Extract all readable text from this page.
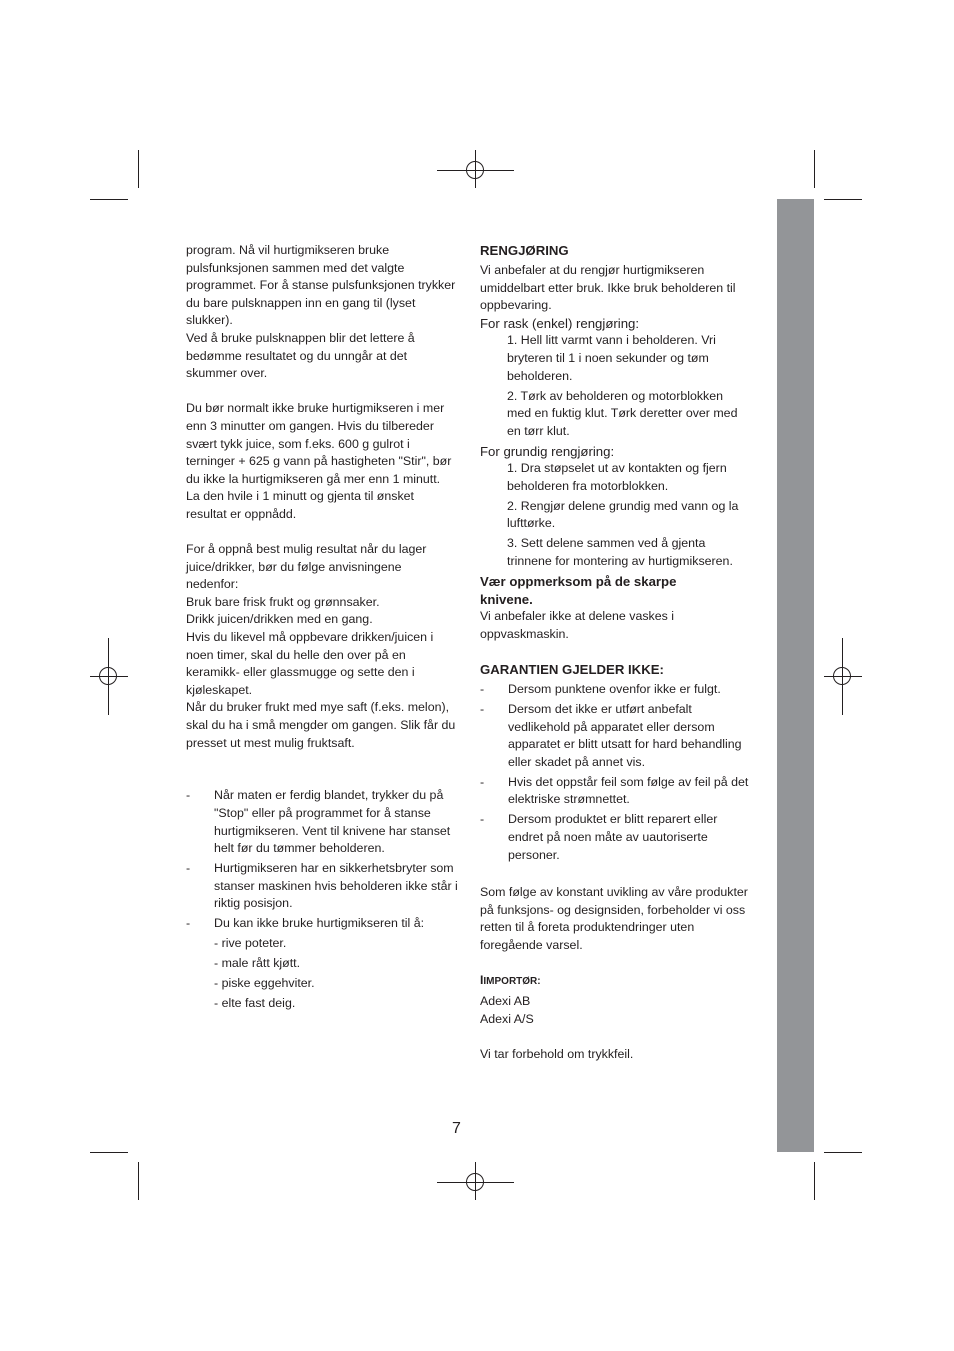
program. Nå vil hurtigmikseren bruke

pulsfunksjonen sammen med det valgte

programmet. For å stanse pulsfunksjonen trykker

du bare pulsknappen inn en gang til (lyset

slukker).

Ved å bruke pulsknappen blir det lettere å

bedømme resultatet og du unngår at det

skummer over.

Du bør normalt ikke bruke hurtigmikseren i mer

enn 3 minutter om gangen. Hvis du tilbereder

svært tykk juice, som f.eks. 600 g gulrot i

terninger + 625 g vann på hastigheten "Stir", bør

du ikke la hurtigmikseren gå mer enn 1 minutt.

La den hvile i 1 minutt og gjenta til ønsket

resultat er oppnådd.

For å oppnå best mulig resultat når du lager

juice/drikker, bør du følge anvisningene

nedenfor:

Bruk bare frisk frukt og grønnsaker.

Drikk juicen/drikken med en gang.

Hvis du likevel må oppbevare drikken/juicen i

noen timer, skal du helle den over på en

keramikk- eller glassmugge og sette den i

kjøleskapet.

Når du bruker frukt med mye saft (f.eks. melon),

skal du ha i små mengder om gangen. Slik får du

presset ut mest mulig fruktsaft.

- Når maten er ferdig blandet, trykker du på

"Stop" eller på programmet for å stanse

hurtigmikseren. Vent til knivene har stanset

helt før du tømmer beholderen.

- Hurtigmikseren har en sikkerhetsbryter som

stanser maskinen hvis beholderen ikke står i

riktig posisjon.

- Du kan ikke bruke hurtigmikseren til å:

- rive poteter.

- male rått kjøtt.

- piske eggehviter.

- elte fast deig.

RENGJØRING

Vi anbefaler at du rengjør hurtigmikseren

umiddelbart etter bruk. Ikke bruk beholderen til

oppbevaring.

For rask (enkel) rengjøring:

1. Hell litt varmt vann i beholderen. Vri

bryteren til 1 i noen sekunder og tøm

beholderen.

2. Tørk av beholderen og motorblokken

med en fuktig klut. Tørk deretter over med

en tørr klut.

For grundig rengjøring:

1. Dra støpselet ut av kontakten og fjern

beholderen fra motorblokken.

2. Rengjør delene grundig med vann og la

lufttørke.

3. Sett delene sammen ved å gjenta

trinnene for montering av hurtigmikseren.

Vær oppmerksom på de skarpe

knivene.

Vi anbefaler ikke at delene vaskes i

oppvaskmaskin.

GARANTIEN GJELDER IKKE:

- Dersom punktene ovenfor ikke er fulgt.

- Dersom det ikke er utført anbefalt

vedlikehold på apparatet eller dersom

apparatet er blitt utsatt for hard behandling

eller skadet på annet vis.

- Hvis det oppstår feil som følge av feil på det

elektriske strømnettet.

- Dersom produktet er blitt reparert eller

endret på noen måte av uautoriserte

personer.

Som følge av konstant uvikling av våre produkter

på funksjons- og designsiden, forbeholder vi oss

retten til å foreta produktendringer uten

foregående varsel.

IIMPORTØR:

Adexi AB

Adexi A/S

Vi tar forbehold om trykkfeil.

7
